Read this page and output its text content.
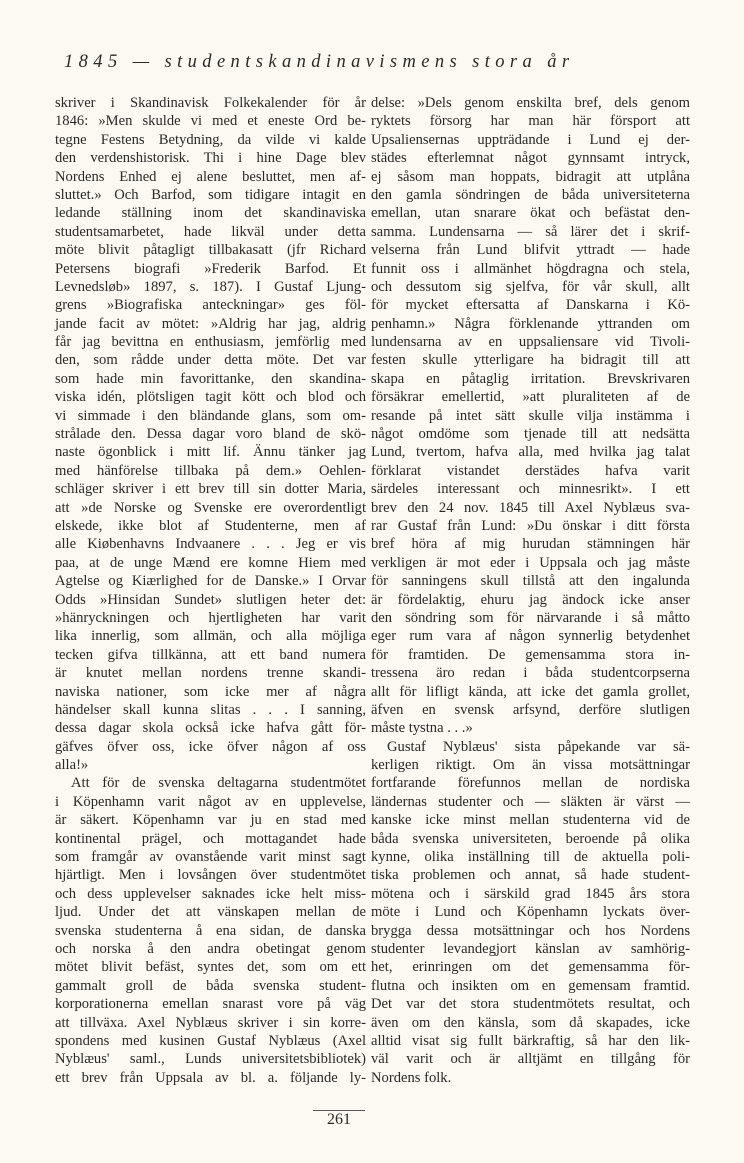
1845 — studentskandinavismens stora år
skriver i Skandinavisk Folkekalender för år
1846: »Men skulde vi med et eneste Ord be-
tegne Festens Betydning, da vilde vi kalde
den verdenshistorisk. Thi i hine Dage blev
Nordens Enhed ej alene besluttet, men af-
sluttet.» Och Barfod, som tidigare intagit en
ledande ställning inom det skandinaviska
studentsamarbetet, hade likväl under detta
möte blivit påtagligt tillbakasatt (jfr Richard
Petersens biografi »Frederik Barfod. Et
Levnedsløb» 1897, s. 187). I Gustaf Ljung-
grens »Biografiska anteckningar» ges föl-
jande facit av mötet: »Aldrig har jag, aldrig
får jag bevittna en enthusiasm, jemförlig med
den, som rådde under detta möte. Det var
som hade min favorittanke, den skandina-
viska idén, plötsligen tagit kött och blod och
vi simmade i den bländande glans, som om-
strålade den. Dessa dagar voro bland de skö-
naste ögonblick i mitt lif. Ännu tänker jag
med hänförelse tillbaka på dem.» Oehlen-
schläger skriver i ett brev till sin dotter Maria,
att »de Norske og Svenske ere overordentligt
elskede, ikke blot af Studenterne, men af
alle Kiøbenhavns Indvaanere . . . Jeg er vis
paa, at de unge Mænd ere komne Hiem med
Agtelse og Kiærlighed for de Danske.» I Orvar
Odds »Hinsidan Sundet» slutligen heter det:
»hänryckningen och hjertligheten har varit
lika innerlig, som allmän, och alla möjliga
tecken gifva tillkänna, att ett band numera
är knutet mellan nordens trenne skandi-
naviska nationer, som icke mer af några
händelser skall kunna slitas . . . I sanning,
dessa dagar skola också icke hafva gått för-
gäfves öfver oss, icke öfver någon af oss
alla!»
Att för de svenska deltagarna studentmötet
i Köpenhamn varit något av en upplevelse,
är säkert. Köpenhamn var ju en stad med
kontinental prägel, och mottagandet hade
som framgår av ovanstående varit minst sagt
hjärtligt. Men i lovsången över studentmötet
och dess upplevelser saknades icke helt miss-
ljud. Under det att vänskapen mellan de
svenska studenterna å ena sidan, de danska
och norska å den andra obetingat genom
mötet blivit befäst, syntes det, som om ett
gammalt groll de båda svenska student-
korporationerna emellan snarast vore på väg
att tillväxa. Axel Nyblæus skriver i sin korre-
spondens med kusinen Gustaf Nyblæus (Axel
Nyblæus' saml., Lunds universitetsbibliotek)
ett brev från Uppsala av bl. a. följande ly-
delse: »Dels genom enskilta bref, dels genom
ryktets försorg har man här försport att
Upsaliensernas uppträdande i Lund ej der-
städes efterlemnat något gynnsamt intryck,
ej såsom man hoppats, bidragit att utplåna
den gamla söndringen de båda universiteterna
emellan, utan snarare ökat och befästat den-
samma. Lundensarna — så lärer det i skrif-
velserna från Lund blifvit yttradt — hade
funnit oss i allmänhet högdragna och stela,
och dessutom sig sjelfva, för vår skull, allt
för mycket eftersatta af Danskarna i Kö-
penhamn.» Några förklenande yttranden om
lundensarna av en uppsaliensare vid Tivoli-
festen skulle ytterligare ha bidragit till att
skapa en påtaglig irritation. Brevskrivaren
försäkrar emellertid, »att pluraliteten af de
resande på intet sätt skulle vilja instämma i
något omdöme som tjenade till att nedsätta
Lund, tvertom, hafva alla, med hvilka jag talat
förklarat vistandet derstädes hafva varit
särdeles interessant och minnesrikt». I ett
brev den 24 nov. 1845 till Axel Nyblæus sva-
rar Gustaf från Lund: »Du önskar i ditt första
bref höra af mig hurudan stämningen här
verkligen är mot eder i Uppsala och jag måste
för sanningens skull tillstå att den ingalunda
är fördelaktig, ehuru jag ändock icke anser
den söndring som för närvarande i så måtto
eger rum vara af någon synnerlig betydenhet
för framtiden. De gemensamma stora in-
tressena äro redan i båda studentcorpserna
allt för lifligt kända, att icke det gamla grollet,
äfven en svensk arfsynd, derföre slutligen
måste tystna . . .»
Gustaf Nyblæus' sista påpekande var sä-
kerligen riktigt. Om än vissa motsättningar
fortfarande förefunnos mellan de nordiska
ländernas studenter och — släkten är värst —
kanske icke minst mellan studenterna vid de
båda svenska universiteten, beroende på olika
kynne, olika inställning till de aktuella poli-
tiska problemen och annat, så hade student-
mötena och i särskild grad 1845 års stora
möte i Lund och Köpenhamn lyckats över-
brygga dessa motsättningar och hos Nordens
studenter levandegjort känslan av samhörig-
het, erinringen om det gemensamma för-
flutna och insikten om en gemensam framtid.
Det var det stora studentmötets resultat, och
även om den känsla, som då skapades, icke
alltid visat sig fullt bärkraftig, så har den lik-
väl varit och är alltjämt en tillgång för
Nordens folk.
261
